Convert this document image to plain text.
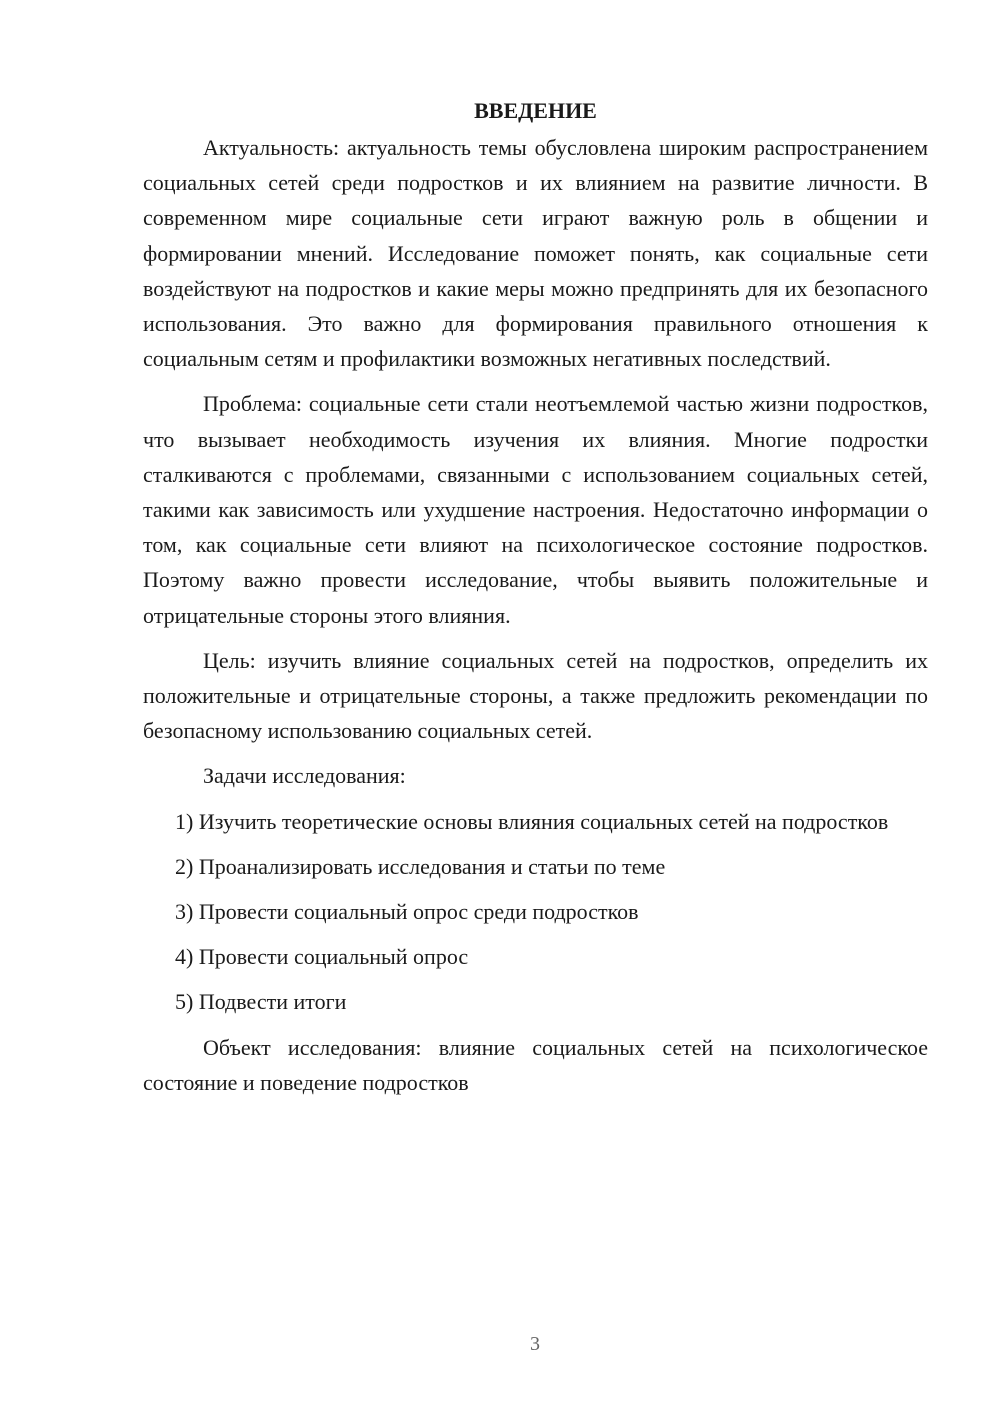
ВВЕДЕНИЕ

Актуальность: актуальность темы обусловлена широким распространением социальных сетей среди подростков и их влиянием на развитие личности. В современном мире социальные сети играют важную роль в общении и формировании мнений. Исследование поможет понять, как социальные сети воздействуют на подростков и какие меры можно предпринять для их безопасного использования. Это важно для формирования правильного отношения к социальным сетям и профилактики возможных негативных последствий.

Проблема: социальные сети стали неотъемлемой частью жизни подростков, что вызывает необходимость изучения их влияния. Многие подростки сталкиваются с проблемами, связанными с использованием социальных сетей, такими как зависимость или ухудшение настроения. Недостаточно информации о том, как социальные сети влияют на психологическое состояние подростков. Поэтому важно провести исследование, чтобы выявить положительные и отрицательные стороны этого влияния.

Цель: изучить влияние социальных сетей на подростков, определить их положительные и отрицательные стороны, а также предложить рекомендации по безопасному использованию социальных сетей.

Задачи исследования:

1) Изучить теоретические основы влияния социальных сетей на подростков

2) Проанализировать исследования и статьи по теме

3) Провести социальный опрос среди подростков

4) Провести социальный опрос

5) Подвести итоги

Объект исследования: влияние социальных сетей на психологическое состояние и поведение подростков

3
